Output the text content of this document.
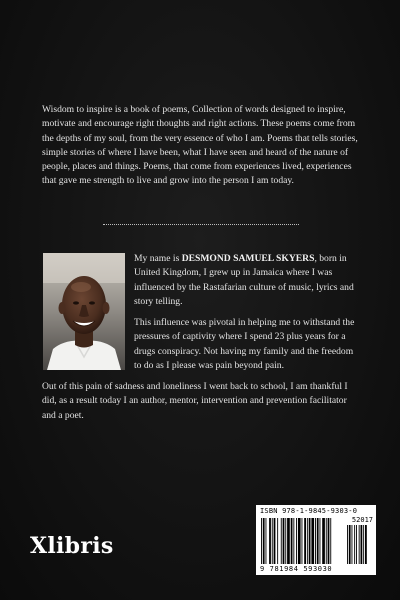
Wisdom to inspire is a book of poems, Collection of words designed to inspire, motivate and encourage right thoughts and right actions. These poems come from the depths of my soul, from the very essence of who I am. Poems that tells stories, simple stories of where I have been, what I have seen and heard of the nature of people, places and things. Poems, that come from experiences lived, experiences that gave me strength to live and grow into the person I am today.

My name is DESMOND SAMUEL SKYERS, born in United Kingdom, I grew up in Jamaica where I was influenced by the Rastafarian culture of music, lyrics and story telling.

This influence was pivotal in helping me to withstand the pressures of captivity where I spend 23 plus years for a drugs conspiracy. Not having my family and the freedom to do as I please was pain beyond pain.

Out of this pain of sadness and loneliness I went back to school, I am thankful I did, as a result today I an author, mentor, intervention and prevention facilitator and a poet.

Xlibris
ISBN 978-1-9845-9303-0
52017
9 781984 593030
